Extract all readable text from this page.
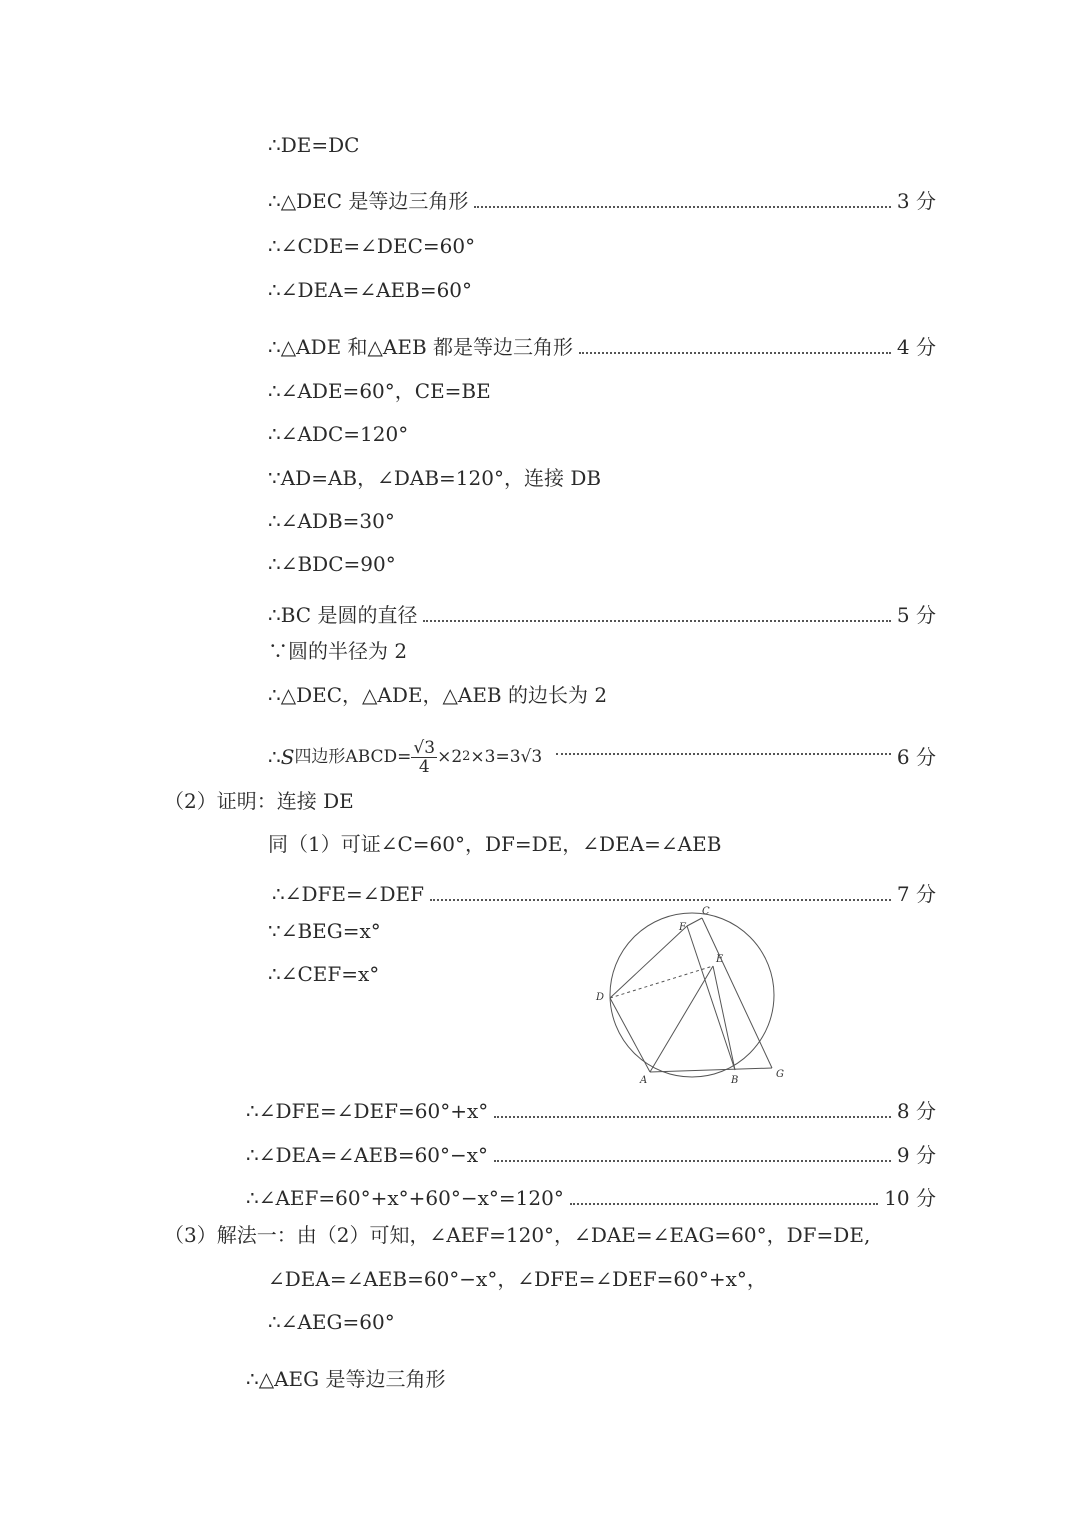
∴DE=DC
∴△DEC 是等边三角形	3 分
∴∠CDE=∠DEC=60°
∴∠DEA=∠AEB=60°
∴△ADE 和△AEB 都是等边三角形	4 分
∴∠ADE=60°，CE=BE
∴∠ADC=120°
∵AD=AB，∠DAB=120°，连接 DB
∴∠ADB=30°
∴∠BDC=90°
∴BC 是圆的直径	5 分
∵圆的半径为 2
∴△DEC，△ADE，△AEB 的边长为 2
∴ S 四边形ABCD = $\frac{√3}{4} \times 2$ 2 ×3=3√3	6 分
（2）证明：连接 DE
同（1）可证∠C=60°，DF=DE，∠DEA=∠AEB
∴∠DFE=∠DEF	7 分
∵∠BEG=x°
∴∠CEF=x°
C
F
E
D
A	B
G
∴∠DFE=∠DEF=60°+x°	8 分
∴∠DEA=∠AEB=60°−x°	9 分
∴∠AEF=60°+x°+60°−x°=120°	10 分
（3）解法一：由（2）可知，∠AEF=120°，∠DAE=∠EAG=60°，DF=DE,
∠DEA=∠AEB=60°−x°，∠DFE=∠DEF=60°+x°，
∴∠AEG=60°
∴△AEG 是等边三角形
